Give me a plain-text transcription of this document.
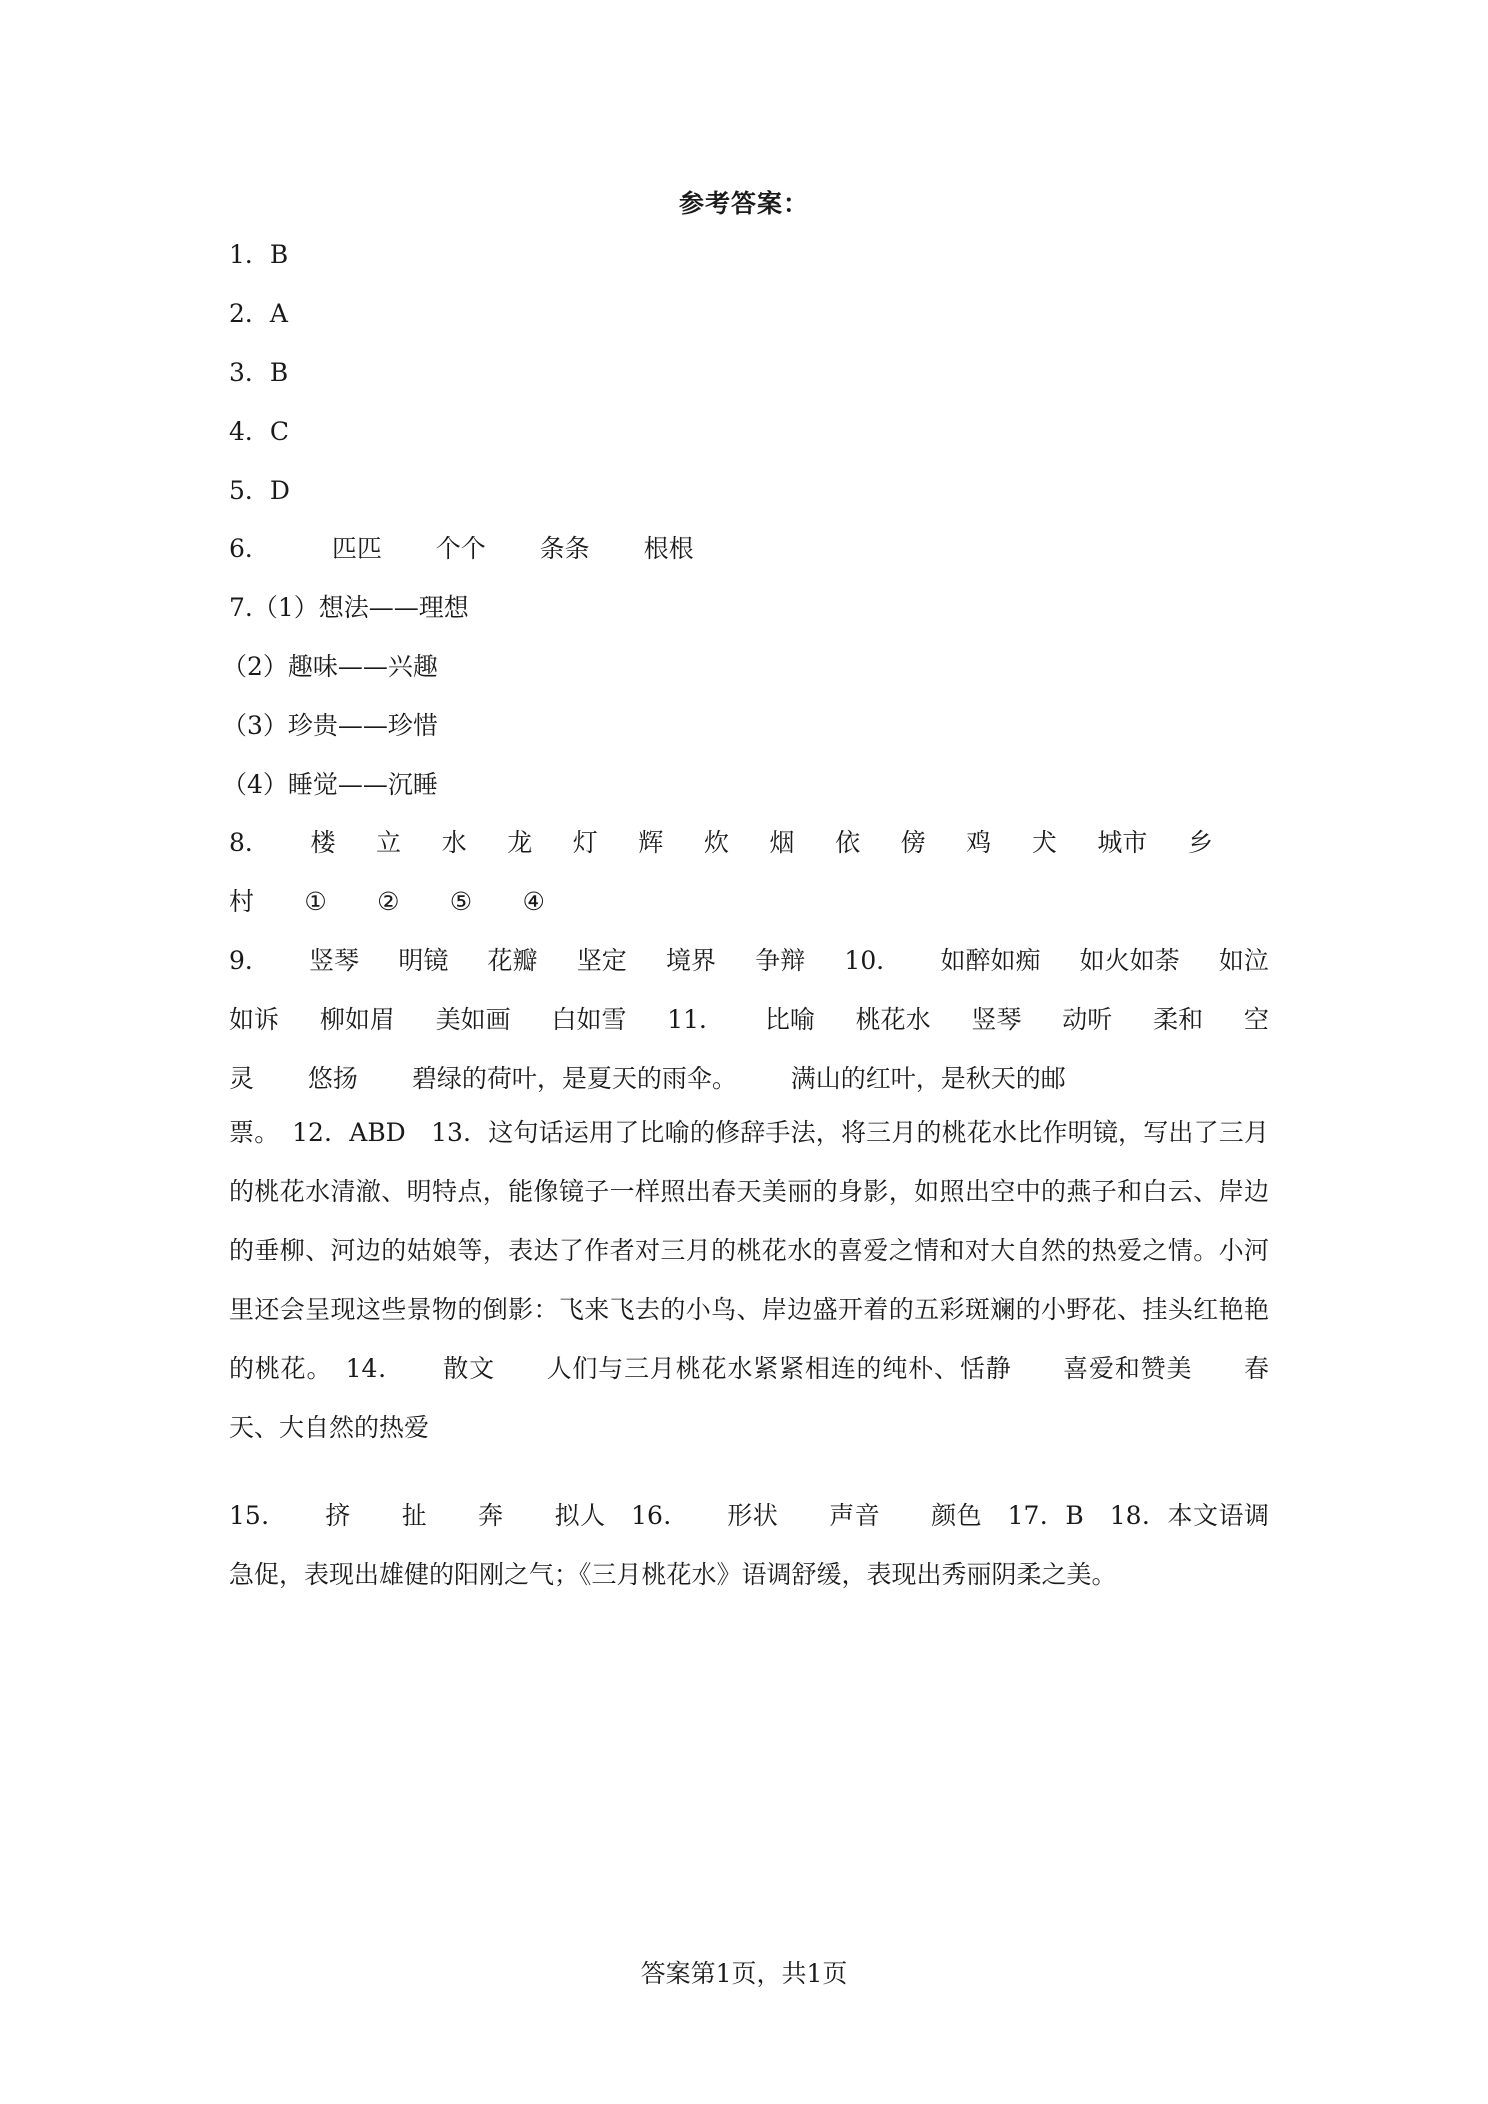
参考答案：
1．B
2．A
3．B
4．C
5．D
6． 匹匹 个个 条条 根根
7.（1）想法——理想
（2）趣味——兴趣
（3）珍贵——珍惜
（4）睡觉——沉睡
8． 楼 立 水 龙 灯 辉 炊 烟 依 傍 鸡 犬 城市 乡
村 ① ② ⑤ ④
9． 竖琴 明镜 花瓣 坚定 境界 争辩 10． 如醉如痴 如火如荼 如泣
如诉 柳如眉 美如画 白如雪 11． 比喻 桃花水 竖琴 动听 柔和 空
灵 悠扬 碧绿的荷叶，是夏天的雨伞。 满山的红叶，是秋天的邮
票。　12．ABD　13．这句话运用了比喻的修辞手法，将三月的桃花水比作明镜，写出了三月的桃花水清澈、明特点，能像镜子一样照出春天美丽的身影，如照出空中的燕子和白云、岸边的垂柳、河边的姑娘等，表达了作者对三月的桃花水的喜爱之情和对大自然的热爱之情。小河里还会呈现这些景物的倒影：飞来飞去的小鸟、岸边盛开着的五彩斑斓的小野花、挂头红艳艳的桃花。　14．　　散文　　人们与三月桃花水紧紧相连的纯朴、恬静　　喜爱和赞美　　春天、大自然的热爱
15．　　挤　　扯　　奔　　拟人　16．　　形状　　声音　　颜色　17．B　18．本文语调急促，表现出雄健的阳刚之气；《三月桃花水》语调舒缓，表现出秀丽阴柔之美。
答案第1页，共1页
